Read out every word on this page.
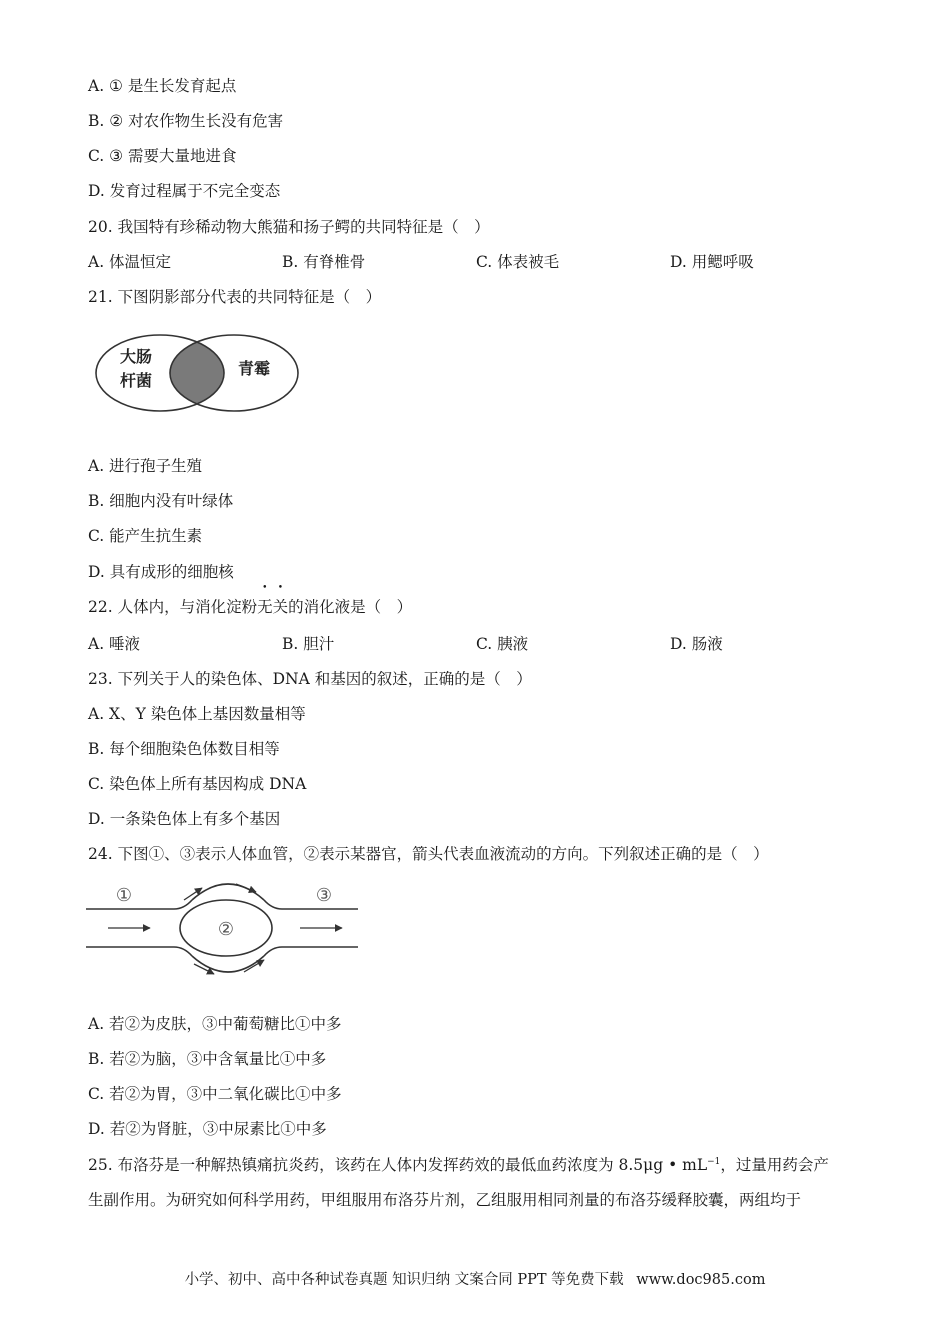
A. ① 是生长发育起点
B. ② 对农作物生长没有危害
C. ③ 需要大量地进食
D. 发育过程属于不完全变态
20. 我国特有珍稀动物大熊猫和扬子鳄的共同特征是（　）
A. 体温恒定	B. 有脊椎骨	C. 体表被毛	D. 用鳃呼吸
21. 下图阴影部分代表的共同特征是（　）
大肠
杆菌
青霉
A. 进行孢子生殖
B. 细胞内没有叶绿体
C. 能产生抗生素
D. 具有成形的细胞核
22. 人体内，与消化淀粉无关的消化液是（　）
A. 唾液	B. 胆汁	C. 胰液	D. 肠液
23. 下列关于人的染色体、DNA 和基因的叙述，正确的是（　）
A. X、Y 染色体上基因数量相等
B. 每个细胞染色体数目相等
C. 染色体上所有基因构成 DNA
D. 一条染色体上有多个基因
24. 下图①、③表示人体血管，②表示某器官，箭头代表血液流动的方向。下列叙述正确的是（　）
①
②
③
A. 若②为皮肤，③中葡萄糖比①中多
B. 若②为脑，③中含氧量比①中多
C. 若②为胃，③中二氧化碳比①中多
D. 若②为肾脏，③中尿素比①中多
25. 布洛芬是一种解热镇痛抗炎药，该药在人体内发挥药效的最低血药浓度为 8.5μg • $mL^{-1}$，过量用药会产
生副作用。为研究如何科学用药，甲组服用布洛芬片剂，乙组服用相同剂量的布洛芬缓释胶囊，两组均于
小学、初中、高中各种试卷真题 知识归纳 文案合同 PPT 等免费下载 www.doc985.com
